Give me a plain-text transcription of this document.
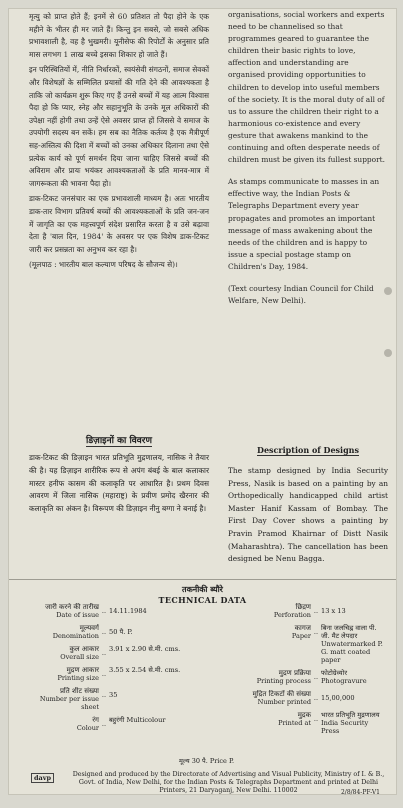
मृत्यु को प्राप्त होते हैं; इनमें से 60 प्रतिशत तो पैदा होने के एक महीने के भीतर ही मर जाते हैं। किन्तु इन सबसे, जो सबसे अधिक प्रभावशाली है, वह है भुखमरी। यूनीसेफ की रिपोर्टों के अनुसार प्रति मास लगभग 1 लाख बच्चे इसका शिकार हो जाते हैं।

इन परिस्थितियों में, नीति निर्धारकों, स्वयंसेवी संगठनों, समाज सेवकों और विशेषज्ञों के सम्मिलित प्रयासों की गति देने की आवश्यकता है ताकि जो कार्यक्रम शुरू किए गए हैं उनसे बच्चों में यह आत्म विश्वास पैदा हो कि प्यार, स्नेह और सहानुभूति के उनके मूल अधिकारों की उपेक्षा नहीं होगी तथा उन्हें ऐसे अवसर प्राप्त हों जिससे वे समाज के उपयोगी सदस्य बन सकें। हम सब का नैतिक कर्तव्य है एक मैत्रीपूर्ण सह-अस्तित्व की दिशा में बच्चों को उनका अधिकार दिलाना तथा ऐसे प्रत्येक कार्य को पूर्ण समर्थन दिया जाना चाहिए जिससे बच्चों की अविराम और प्रायः भयंकर आवश्यकताओं के प्रति मानव-मात्र में जागरूकता की भावना पैदा हो।

डाक-टिकट जनसंचार का एक प्रभावशाली माध्यम है। अतः भारतीय डाक-तार विभाग प्रतिवर्ष बच्चों की आवश्यकताओं के प्रति जन-जन में जागृति का एक महत्त्वपूर्ण संदेश प्रसारित करता है व उसे बढ़ावा देता है 'बाल दिन, 1984' के अवसर पर एक विशेष डाक-टिकट जारी कर प्रसन्नता का अनुभव कर रहा है।

(मूलपाठ : भारतीय बाल कल्याण परिषद के सौजन्य से)।

organisations, social workers and experts need to be channelised so that programmes geared to guarantee the children their basic rights to love, affection and understanding are organised providing opportunities to children to develop into useful members of the society. It is the moral duty of all of us to assure the children their right to a harmonious co-existence and every gesture that awakens mankind to the continuing and often desperate needs of children must be given its fullest support.

As stamps communicate to masses in an effective way, the Indian Posts & Telegraphs Department every year propagates and promotes an important message of mass awakening about the needs of the children and is happy to issue a special postage stamp on Children's Day, 1984.

(Text courtesy Indian Council for Child Welfare, New Delhi).

डिज़ाइनों का विवरण
डाक-टिकट की डिज़ाइन भारत प्रतिभूति मुद्रणालय, नासिक ने तैयार की है। यह डिज़ाइन शारीरिक रूप से अपंग बंबई के बाल कलाकार मास्टर हनीफ कासम की कलाकृति पर आधारित है। प्रथम दिवस आवरण में जिला नासिक (महाराष्ट्र) के प्रवीण प्रमोद खैरनार की कलाकृति का अंकन है। विरूपण की डिज़ाइन नीनु बग्गा ने बनाई है।
Description of Designs
The stamp designed by India Security Press, Nasik is based on a painting by an Orthopedically handicapped child artist Master Hanif Kassam of Bombay. The First Day Cover shows a painting by Pravin Pramod Khairnar of Distt Nasik (Maharashtra). The cancellation has been designed be Nenu Bagga.
तकनीकी ब्यौरे
TECHNICAL DATA
जारी करने की तारीख
Date of issue .. 14.11.1984
मूल्यवर्ग
Denomination .. 50 पै. P.
कुल आकार
Overall size .. 3.91 x 2.90 से.मी. cms.
मुद्रण आकार
Printing size .. 3.55 x 2.54 से.मी. cms.
प्रति शीट संख्या
Number per issue sheet
.. 35
रंग
Colour .. बहुरंगी Multicolour
छिद्रण
Perforation .. 13 x 13
कागज
Paper .. बिना जलचिह्न वाला पी. जी. मैट लेपदार Unwatermarked P. G. matt coated paper
मुद्रण प्रक्रिया
Printing process .. फोटोग्रेव्योर Photogravure
मुद्रित टिकटों की संख्या
Number printed .. 15,00,000
मुद्रक
Printed at .. भारत प्रतिभूति मुद्रणालय India Security Press
मूल्य 30 पै. Price P.
davp	Designed and produced by the Directorate of Advertising and Visual Publicity, Ministry of I. & B., Govt. of India, New Delhi, for the Indian Posts & Telegraphs Department and printed at Delhi Printers, 21 Daryaganj, New Delhi. 110002	2/8/84-PF-V1
